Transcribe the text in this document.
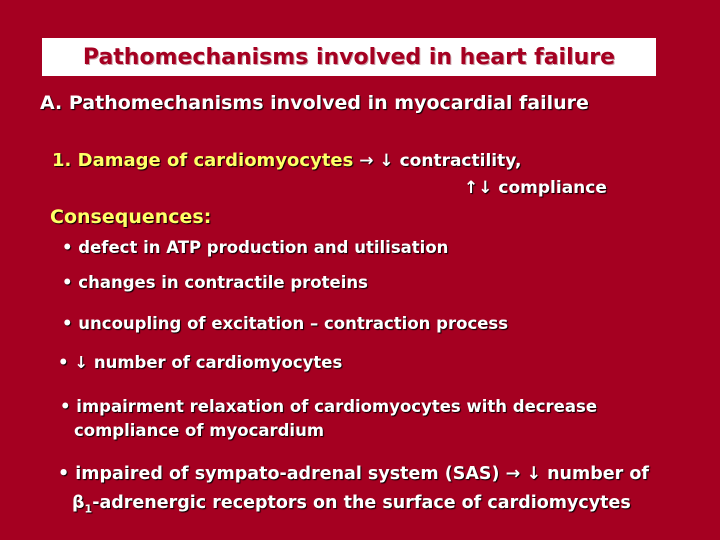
Pathomechanisms involved in heart failure
A. Pathomechanisms involved in myocardial failure
1. Damage of cardiomyocytes → ↓ contractility,
↑↓ compliance
Consequences:
• defect in ATP production and utilisation
• changes in contractile proteins
• uncoupling of excitation – contraction process
• ↓ number of cardiomyocytes
• impairment relaxation of cardiomyocytes with decrease
compliance of myocardium
• impaired of sympato-adrenal system (SAS) → ↓ number of
$\beta_1$-adrenergic receptors on the surface of cardiomycytes
